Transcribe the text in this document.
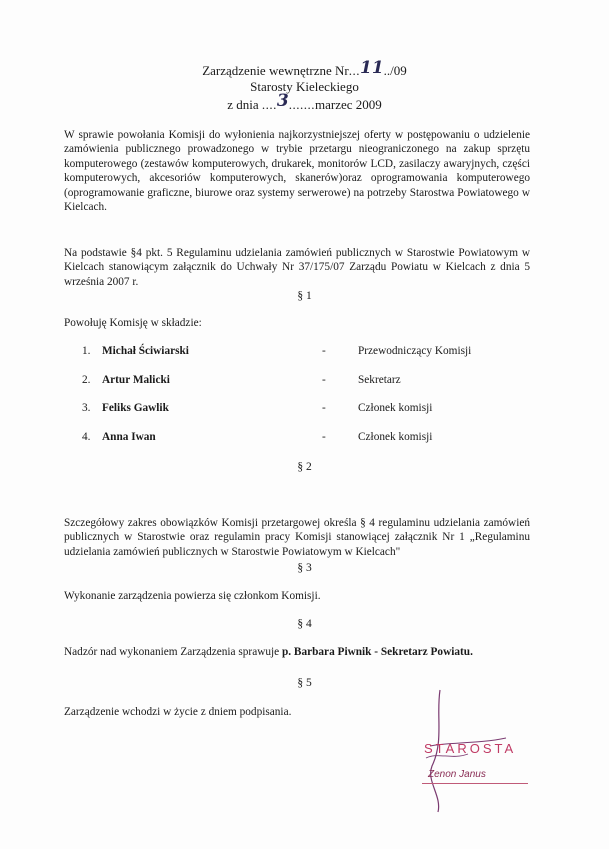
Zarządzenie wewnętrzne Nr...11../09
Starosty Kieleckiego
z dnia ....3.......marzec 2009
W sprawie powołania Komisji do wyłonienia najkorzystniejszej oferty w postępowaniu o udzielenie zamówienia publicznego prowadzonego w trybie przetargu nieograniczonego na zakup sprzętu komputerowego (zestawów komputerowych, drukarek, monitorów LCD, zasilaczy awaryjnych, części komputerowych, akcesoriów komputerowych, skanerów)oraz oprogramowania komputerowego (oprogramowanie graficzne, biurowe oraz systemy serwerowe) na potrzeby Starostwa Powiatowego w Kielcach.
Na podstawie §4 pkt. 5 Regulaminu udzielania zamówień publicznych w Starostwie Powiatowym w Kielcach stanowiącym załącznik do Uchwały Nr 37/175/07 Zarządu Powiatu w Kielcach z dnia 5 września 2007 r.
§ 1
Powołuję Komisję w składzie:
1. Michał Ściwiarski	-	Przewodniczący Komisji
2. Artur Malicki	-	Sekretarz
3. Feliks Gawlik	-	Członek komisji
4. Anna Iwan	-	Członek komisji
§ 2
Szczegółowy zakres obowiązków Komisji przetargowej określa § 4 regulaminu udzielania zamówień publicznych w Starostwie oraz regulamin pracy Komisji stanowiącej załącznik Nr 1 „Regulaminu udzielania zamówień publicznych w Starostwie Powiatowym w Kielcach"
§ 3
Wykonanie zarządzenia powierza się członkom Komisji.
§ 4
Nadzór nad wykonaniem Zarządzenia sprawuje p. Barbara Piwnik - Sekretarz Powiatu.
§ 5
Zarządzenie wchodzi w życie z dniem podpisania.
STAROSTA
Zenon Janus
